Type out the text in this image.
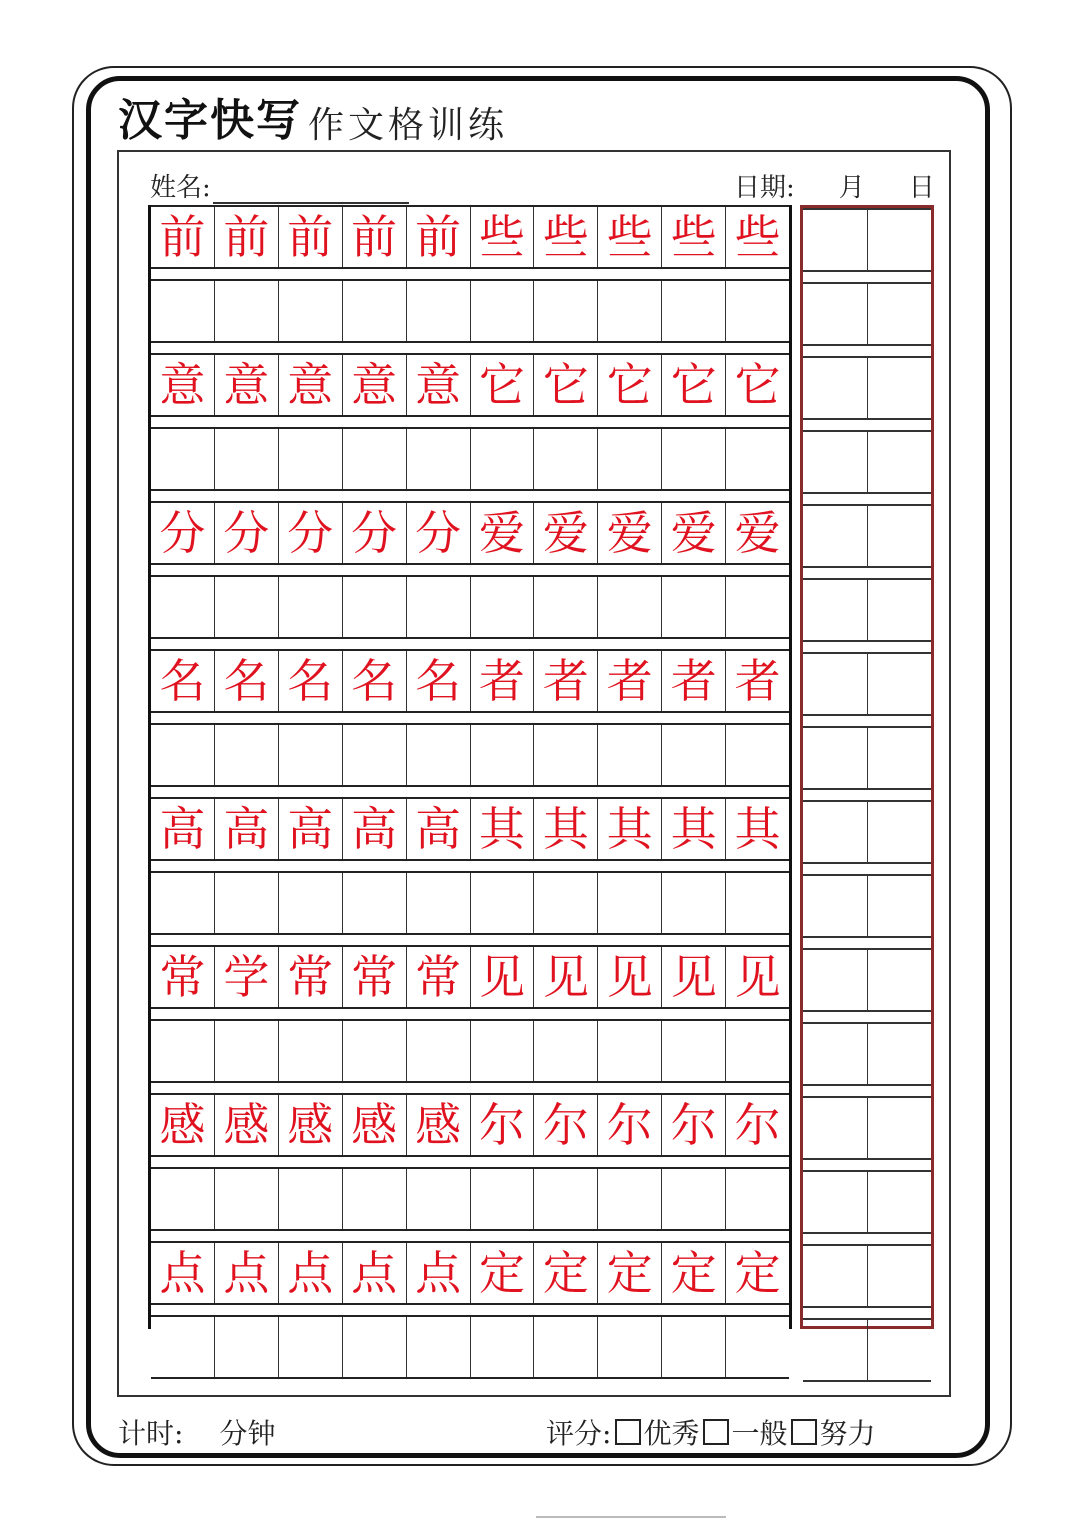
汉字快写 作文格训练
姓名:	日期: 月 日
前 前 前 前 前 些 些 些 些 些
意 意 意 意 意 它 它 它 它 它
分 分 分 分 分 爱 爱 爱 爱 爱
名 名 名 名 名 者 者 者 者 者
高 高 高 高 高 其 其 其 其 其
常 学 常 常 常 见 见 见 见 见
感 感 感 感 感 尔 尔 尔 尔 尔
点 点 点 点 点 定 定 定 定 定
计时: 分钟	评分: 优秀 一般 努力
